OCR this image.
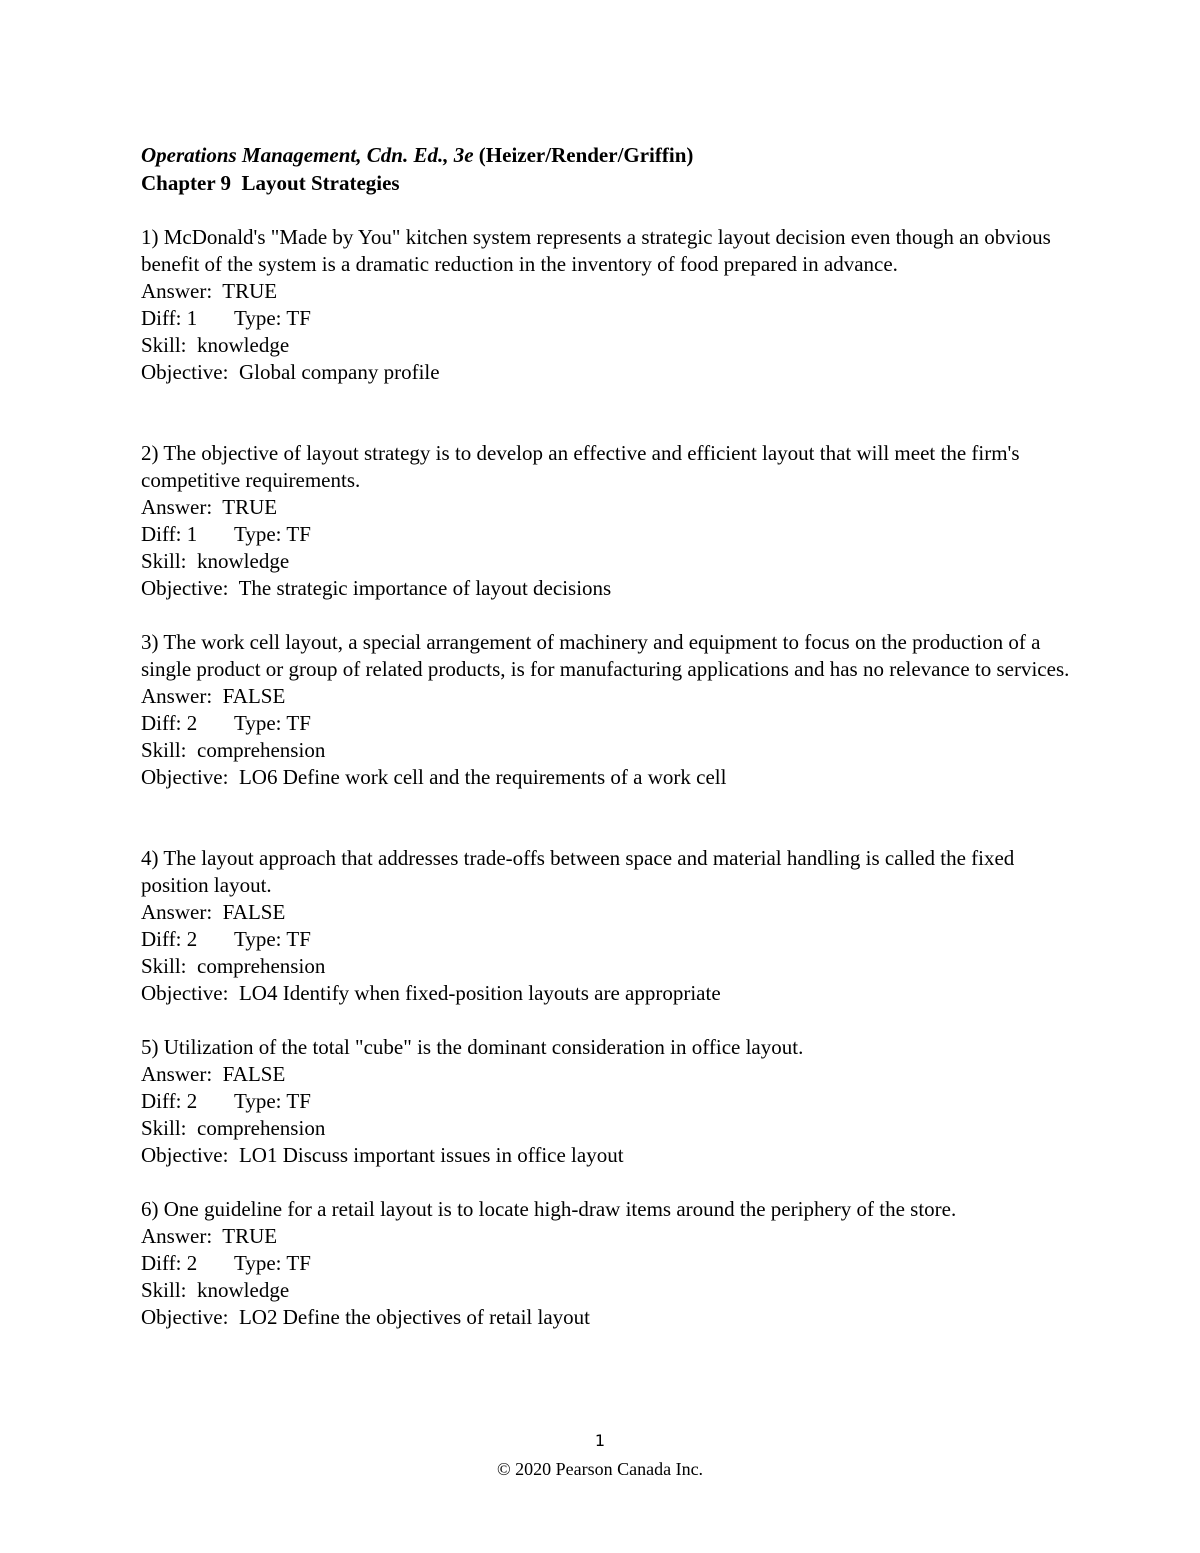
Operations Management, Cdn. Ed., 3e (Heizer/Render/Griffin)
Chapter 9  Layout Strategies
1) McDonald's "Made by You" kitchen system represents a strategic layout decision even though an obvious benefit of the system is a dramatic reduction in the inventory of food prepared in advance.
Answer:  TRUE
Diff: 1 Type: TF
Skill:  knowledge
Objective:  Global company profile
2) The objective of layout strategy is to develop an effective and efficient layout that will meet the firm's competitive requirements.
Answer:  TRUE
Diff: 1 Type: TF
Skill:  knowledge
Objective:  The strategic importance of layout decisions
3) The work cell layout, a special arrangement of machinery and equipment to focus on the production of a single product or group of related products, is for manufacturing applications and has no relevance to services.
Answer:  FALSE
Diff: 2 Type: TF
Skill:  comprehension
Objective:  LO6 Define work cell and the requirements of a work cell
4) The layout approach that addresses trade-offs between space and material handling is called the fixed position layout.
Answer:  FALSE
Diff: 2 Type: TF
Skill:  comprehension
Objective:  LO4 Identify when fixed-position layouts are appropriate
5) Utilization of the total "cube" is the dominant consideration in office layout.
Answer:  FALSE
Diff: 2 Type: TF
Skill:  comprehension
Objective:  LO1 Discuss important issues in office layout
6) One guideline for a retail layout is to locate high-draw items around the periphery of the store.
Answer:  TRUE
Diff: 2 Type: TF
Skill:  knowledge
Objective:  LO2 Define the objectives of retail layout
1
© 2020 Pearson Canada Inc.
